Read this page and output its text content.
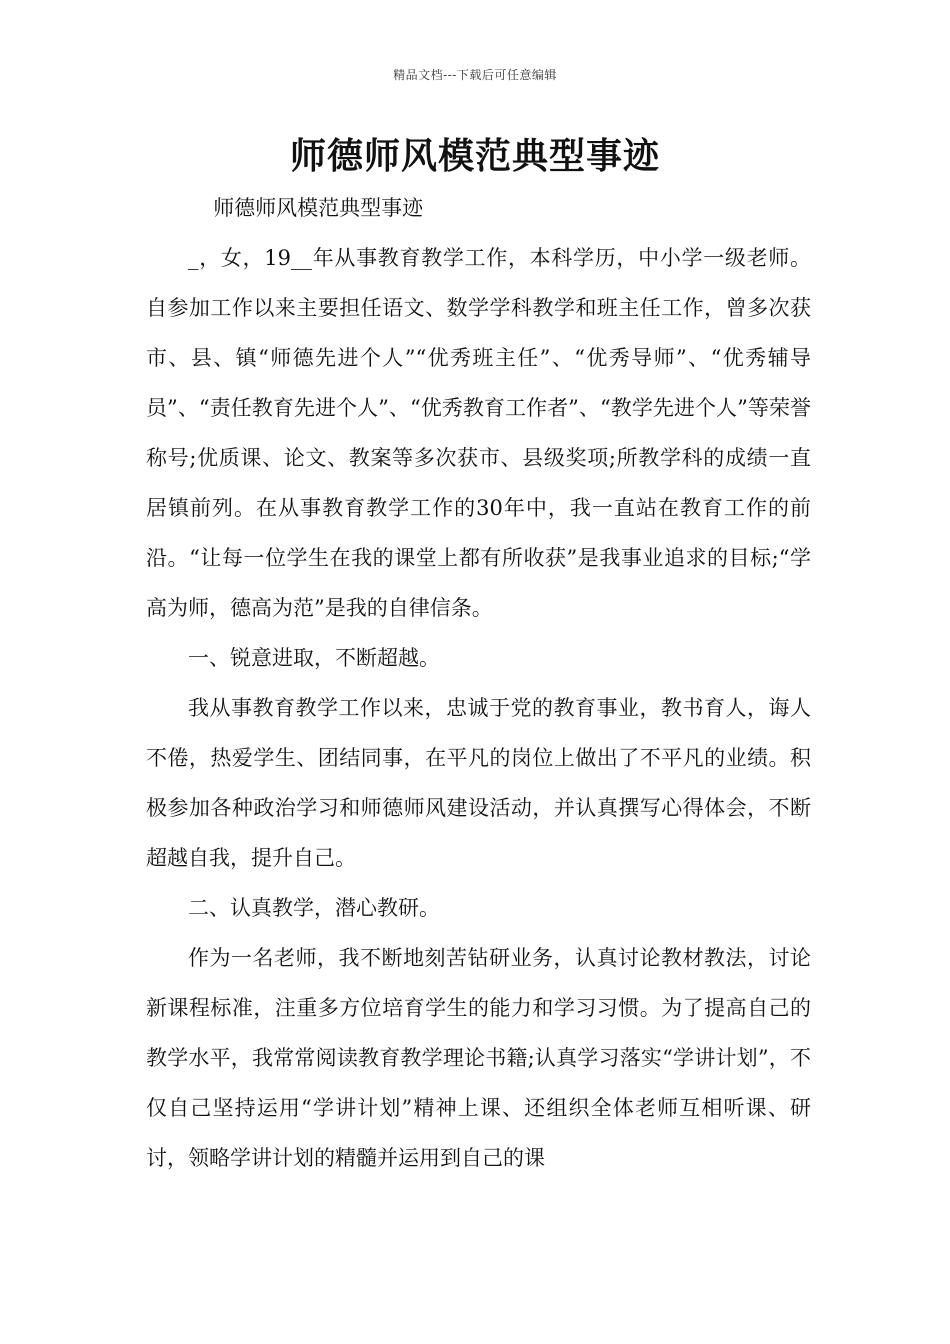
精品文档---下载后可任意编辑
师德师风模范典型事迹

师德师风模范典型事迹

_，女，19__年从事教育教学工作，本科学历，中小学一级老师。自参加工作以来主要担任语文、数学学科教学和班主任工作，曾多次获市、县、镇“师德先进个人”“优秀班主任”、“优秀导师”、“优秀辅导员”、“责任教育先进个人”、“优秀教育工作者”、“教学先进个人”等荣誉称号;优质课、论文、教案等多次获市、县级奖项;所教学科的成绩一直居镇前列。在从事教育教学工作的30年中，我一直站在教育工作的前沿。“让每一位学生在我的课堂上都有所收获”是我事业追求的目标;“学高为师，德高为范”是我的自律信条。

一、锐意进取，不断超越。

我从事教育教学工作以来，忠诚于党的教育事业，教书育人，诲人不倦，热爱学生、团结同事，在平凡的岗位上做出了不平凡的业绩。积极参加各种政治学习和师德师风建设活动，并认真撰写心得体会，不断超越自我，提升自己。

二、认真教学，潜心教研。

作为一名老师，我不断地刻苦钻研业务，认真讨论教材教法，讨论新课程标准，注重多方位培育学生的能力和学习习惯。为了提高自己的教学水平，我常常阅读教育教学理论书籍;认真学习落实“学讲计划”，不仅自己坚持运用“学讲计划”精神上课、还组织全体老师互相听课、研讨，领略学讲计划的精髓并运用到自己的课
